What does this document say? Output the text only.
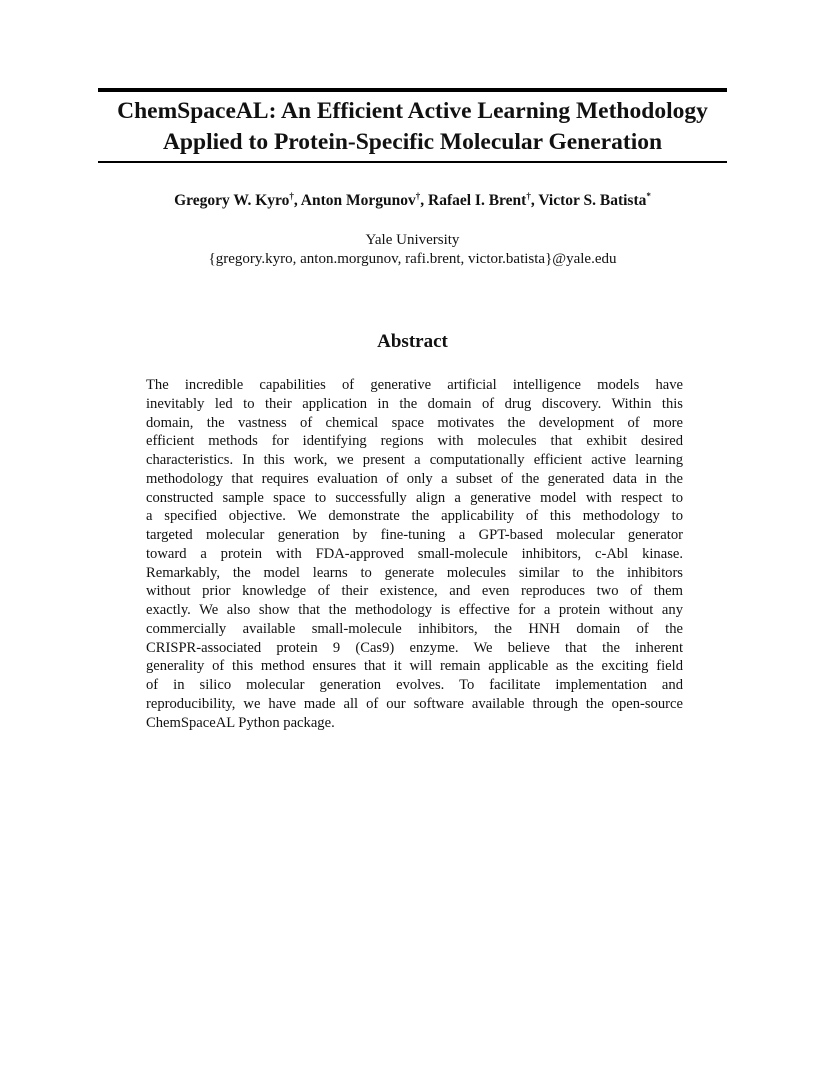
ChemSpaceAL: An Efficient Active Learning Methodology
Applied to Protein-Specific Molecular Generation
Gregory W. Kyro†, Anton Morgunov†, Rafael I. Brent†, Victor S. Batista*
Yale University
{gregory.kyro, anton.morgunov, rafi.brent, victor.batista}@yale.edu
Abstract
The incredible capabilities of generative artificial intelligence models have
inevitably led to their application in the domain of drug discovery. Within this
domain, the vastness of chemical space motivates the development of more
efficient methods for identifying regions with molecules that exhibit desired
characteristics. In this work, we present a computationally efficient active learning
methodology that requires evaluation of only a subset of the generated data in the
constructed sample space to successfully align a generative model with respect to
a specified objective. We demonstrate the applicability of this methodology to
targeted molecular generation by fine-tuning a GPT-based molecular generator
toward a protein with FDA-approved small-molecule inhibitors, c-Abl kinase.
Remarkably, the model learns to generate molecules similar to the inhibitors
without prior knowledge of their existence, and even reproduces two of them
exactly. We also show that the methodology is effective for a protein without any
commercially available small-molecule inhibitors, the HNH domain of the
CRISPR-associated protein 9 (Cas9) enzyme. We believe that the inherent
generality of this method ensures that it will remain applicable as the exciting field
of in silico molecular generation evolves. To facilitate implementation and
reproducibility, we have made all of our software available through the open-source
ChemSpaceAL Python package.
